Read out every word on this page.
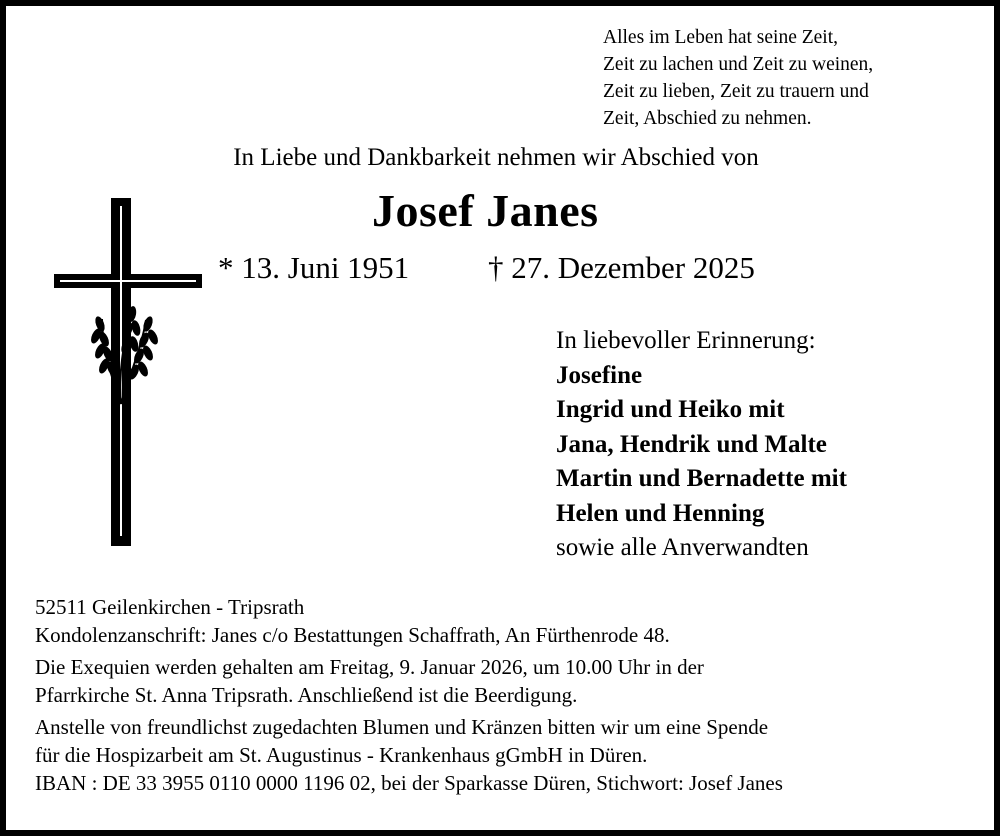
Alles im Leben hat seine Zeit,
Zeit zu lachen und Zeit zu weinen,
Zeit zu lieben, Zeit zu trauern und
Zeit, Abschied zu nehmen.
In Liebe und Dankbarkeit nehmen wir Abschied von
Josef Janes
* 13. Juni 1951	† 27. Dezember 2025
In liebevoller Erinnerung:
Josefine
Ingrid und Heiko mit
Jana, Hendrik und Malte
Martin und Bernadette mit
Helen und Henning
sowie alle Anverwandten
52511 Geilenkirchen - Tripsrath
Kondolenzanschrift: Janes c/o Bestattungen Schaffrath, An Fürthenrode 48.
Die Exequien werden gehalten am Freitag, 9. Januar 2026, um 10.00 Uhr in der
Pfarrkirche St. Anna Tripsrath. Anschließend ist die Beerdigung.
Anstelle von freundlichst zugedachten Blumen und Kränzen bitten wir um eine Spende
für die Hospizarbeit am St. Augustinus - Krankenhaus gGmbH in Düren.
IBAN : DE 33 3955 0110 0000 1196 02, bei der Sparkasse Düren, Stichwort: Josef Janes
